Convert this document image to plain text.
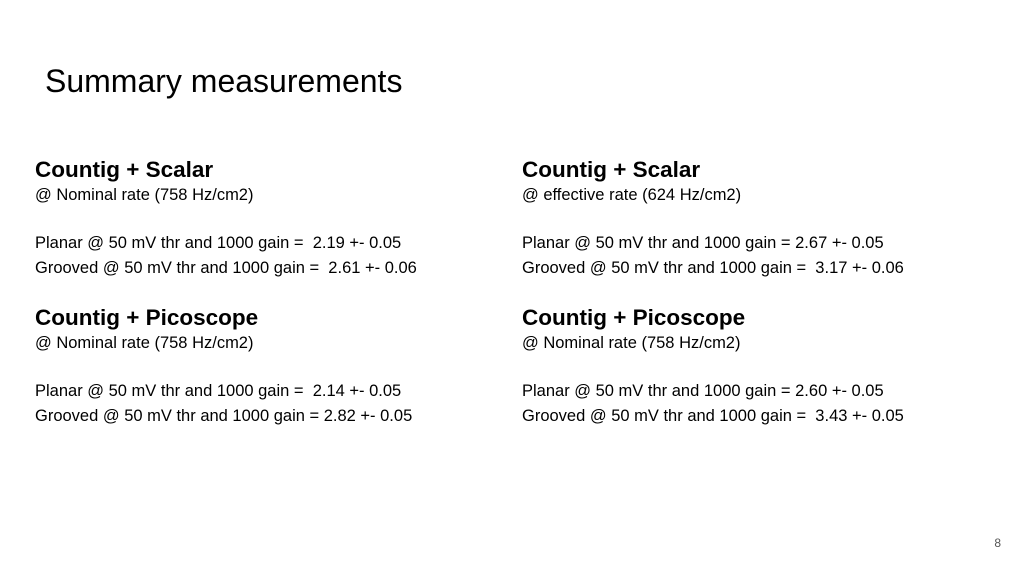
Summary measurements

Countig + Scalar

@ Nominal rate (758 Hz/cm2)

Planar @ 50 mV thr and 1000 gain =  2.19 +- 0.05

Grooved @ 50 mV thr and 1000 gain =  2.61 +- 0.06

Countig + Picoscope

@ Nominal rate (758 Hz/cm2)

Planar @ 50 mV thr and 1000 gain =  2.14 +- 0.05

Grooved @ 50 mV thr and 1000 gain = 2.82 +- 0.05

Countig + Scalar

@ effective rate (624 Hz/cm2)

Planar @ 50 mV thr and 1000 gain = 2.67 +- 0.05

Grooved @ 50 mV thr and 1000 gain =  3.17 +- 0.06

Countig + Picoscope

@ Nominal rate (758 Hz/cm2)

Planar @ 50 mV thr and 1000 gain = 2.60 +- 0.05

Grooved @ 50 mV thr and 1000 gain =  3.43 +- 0.05

8
